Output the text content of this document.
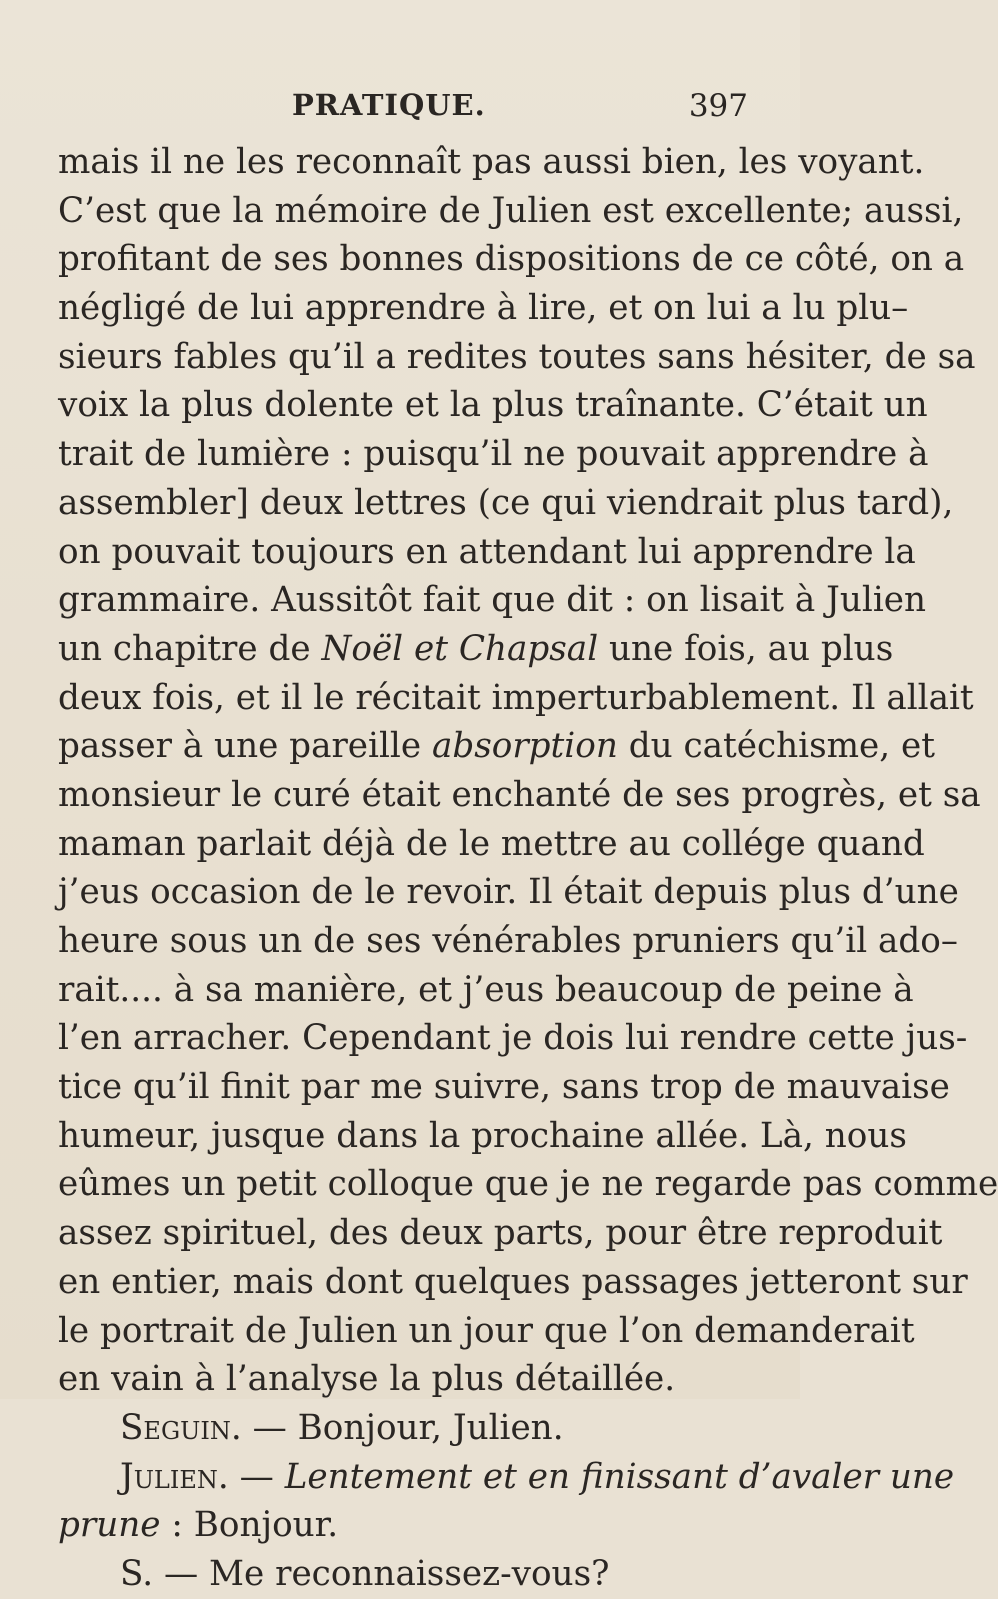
PRATIQUE.	397
mais il ne les reconnaît pas aussi bien, les voyant.
C’est que la mémoire de Julien est excellente; aussi,
profitant de ses bonnes dispositions de ce côté, on a
négligé de lui apprendre à lire, et on lui a lu plu–
sieurs fables qu’il a redites toutes sans hésiter, de sa
voix la plus dolente et la plus traînante. C’était un
trait de lumière : puisqu’il ne pouvait apprendre à
assembler] deux lettres (ce qui viendrait plus tard),
on pouvait toujours en attendant lui apprendre la
grammaire. Aussitôt fait que dit : on lisait à Julien
un chapitre de Noël et Chapsal une fois, au plus
deux fois, et il le récitait imperturbablement. Il allait
passer à une pareille absorption du catéchisme, et
monsieur le curé était enchanté de ses progrès, et sa
maman parlait déjà de le mettre au collége quand
j’eus occasion de le revoir. Il était depuis plus d’une
heure sous un de ses vénérables pruniers qu’il ado–
rait.... à sa manière, et j’eus beaucoup de peine à
l’en arracher. Cependant je dois lui rendre cette jus-
tice qu’il finit par me suivre, sans trop de mauvaise
humeur, jusque dans la prochaine allée. Là, nous
eûmes un petit colloque que je ne regarde pas comme
assez spirituel, des deux parts, pour être reproduit
en entier, mais dont quelques passages jetteront sur
le portrait de Julien un jour que l’on demanderait
en vain à l’analyse la plus détaillée.
Seguin. — Bonjour, Julien.
Julien. — Lentement et en finissant d’avaler une
prune : Bonjour.
S. — Me reconnaissez-vous?
